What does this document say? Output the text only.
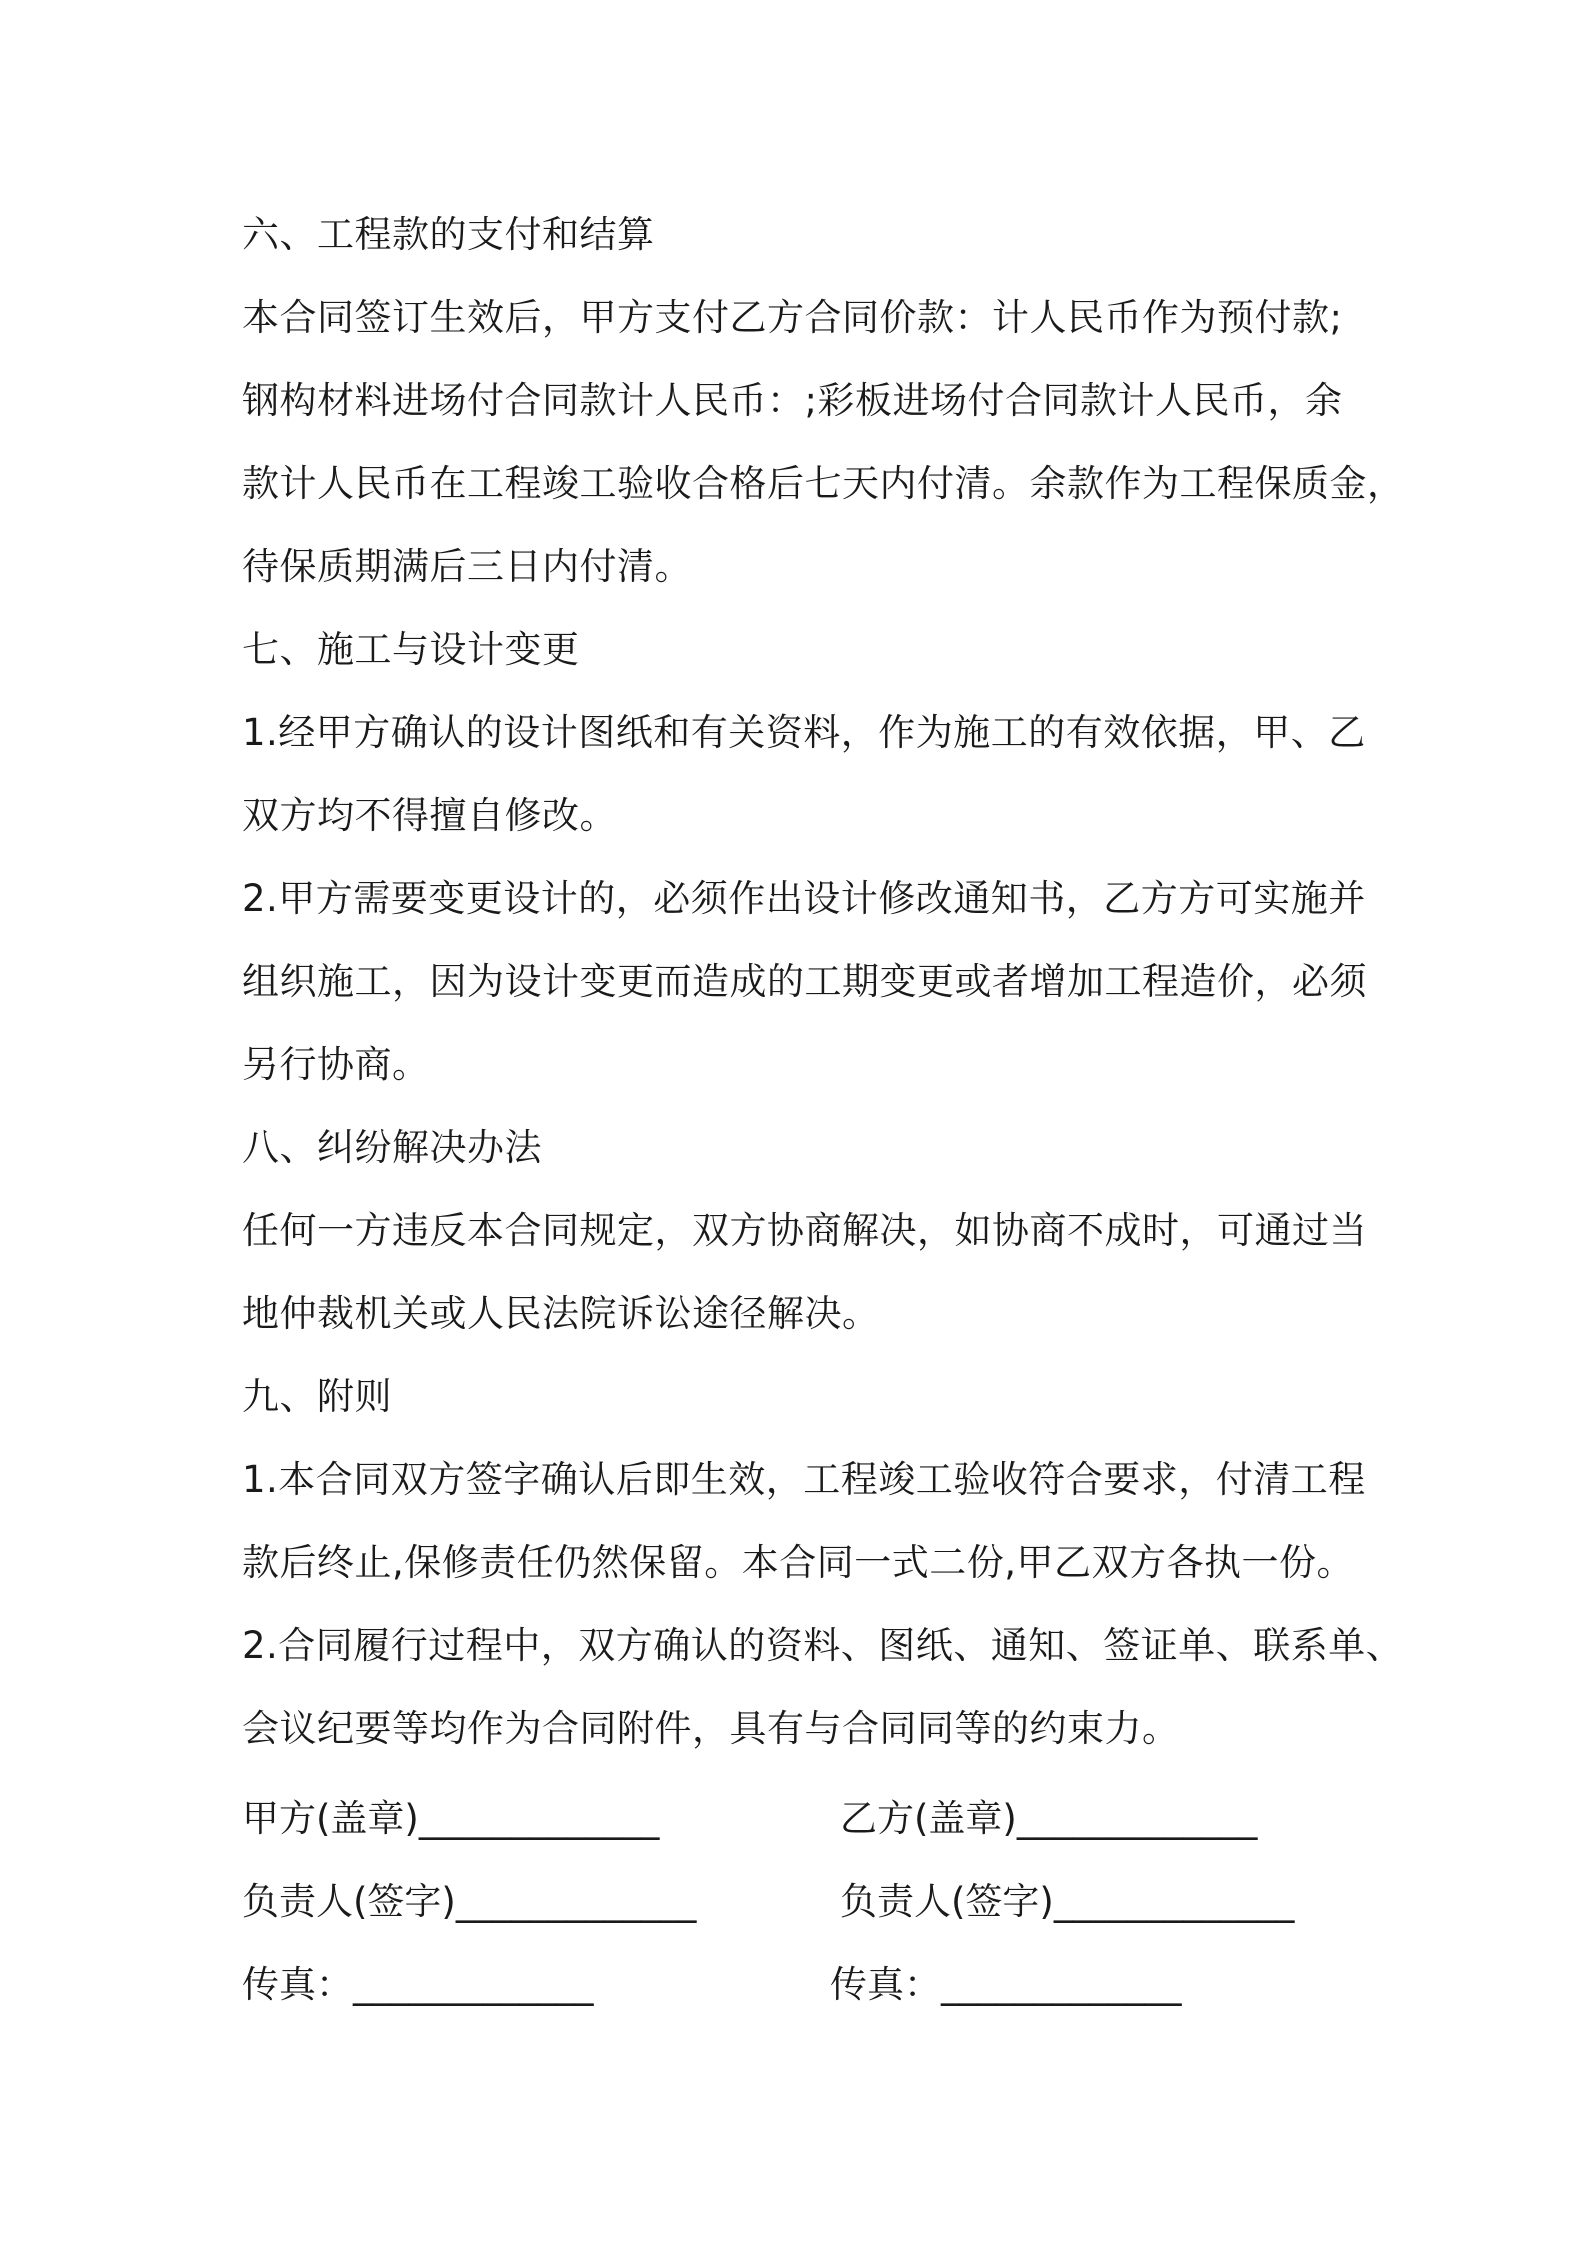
六、工程款的支付和结算
本合同签订生效后，甲方支付乙方合同价款：计人民币作为预付款;
钢构材料进场付合同款计人民币：;彩板进场付合同款计人民币，余
款计人民币在工程竣工验收合格后七天内付清。余款作为工程保质金，
待保质期满后三日内付清。
七、施工与设计变更
1.经甲方确认的设计图纸和有关资料，作为施工的有效依据，甲、乙
双方均不得擅自修改。
2.甲方需要变更设计的，必须作出设计修改通知书，乙方方可实施并
组织施工，因为设计变更而造成的工期变更或者增加工程造价，必须
另行协商。
八、纠纷解决办法
任何一方违反本合同规定，双方协商解决，如协商不成时，可通过当
地仲裁机关或人民法院诉讼途径解决。
九、附则
1.本合同双方签字确认后即生效，工程竣工验收符合要求，付清工程
款后终止,保修责任仍然保留。本合同一式二份,甲乙双方各执一份。
2.合同履行过程中，双方确认的资料、图纸、通知、签证单、联系单、
会议纪要等均作为合同附件，具有与合同同等的约束力。
甲方(盖章)_____________	乙方(盖章)_____________
负责人(签字)_____________	负责人(签字)_____________
传真：_____________	传真：_____________
